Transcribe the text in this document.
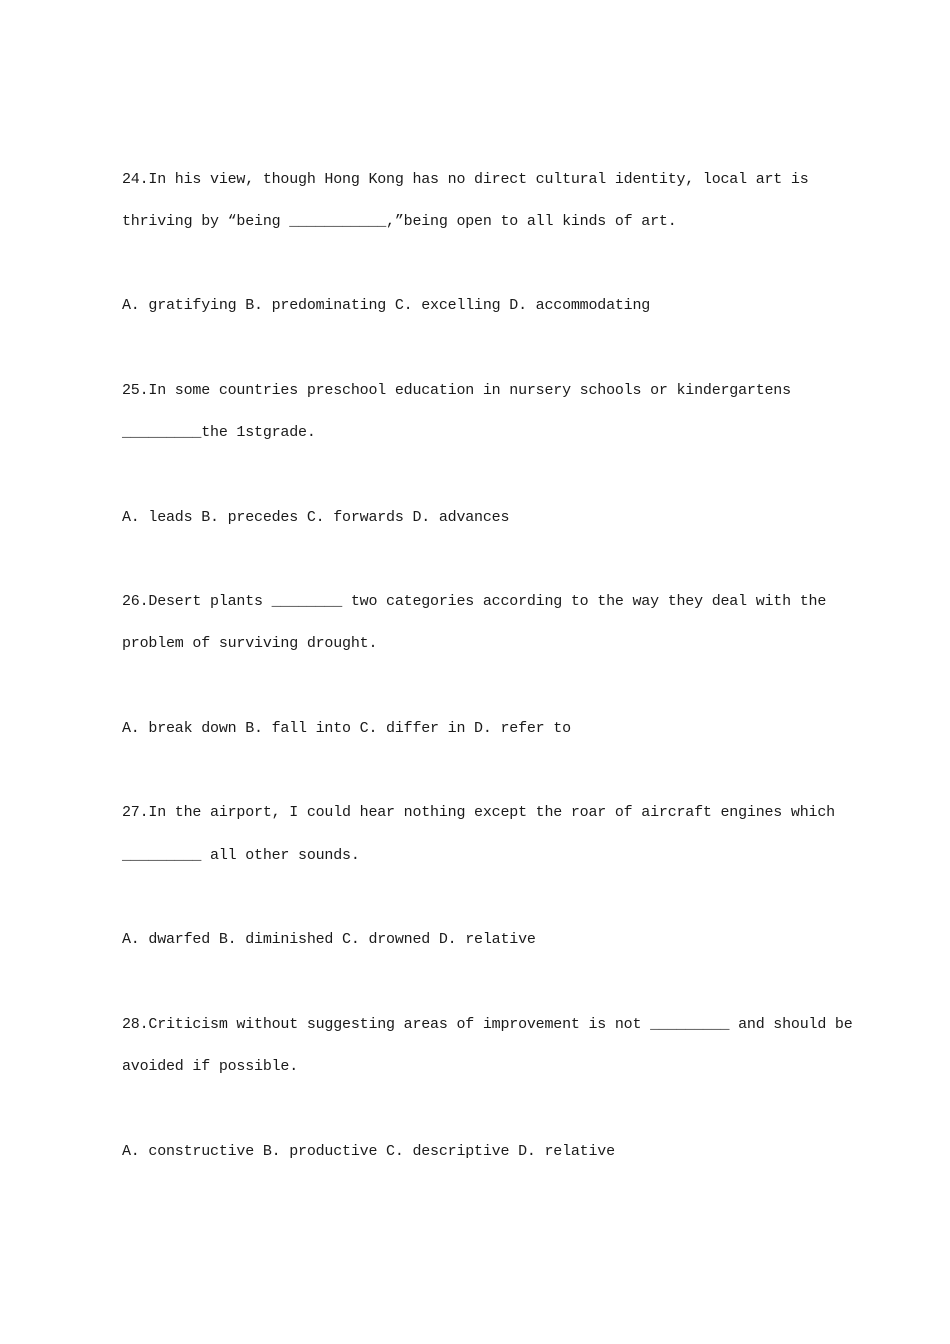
24.In his view, though Hong Kong has no direct cultural identity, local art is
thriving by “being ___________,”being open to all kinds of art.
A. gratifying B. predominating C. excelling D. accommodating
25.In some countries preschool education in nursery schools or kindergartens
_________the 1stgrade.
A. leads B. precedes C. forwards D. advances
26.Desert plants ________ two categories according to the way they deal with the
problem of surviving drought.
A. break down B. fall into C. differ in D. refer to
27.In the airport, I could hear nothing except the roar of aircraft engines which
_________ all other sounds.
A. dwarfed B. diminished C. drowned D. relative
28.Criticism without suggesting areas of improvement is not _________ and should be
avoided if possible.
A. constructive B. productive C. descriptive D. relative
